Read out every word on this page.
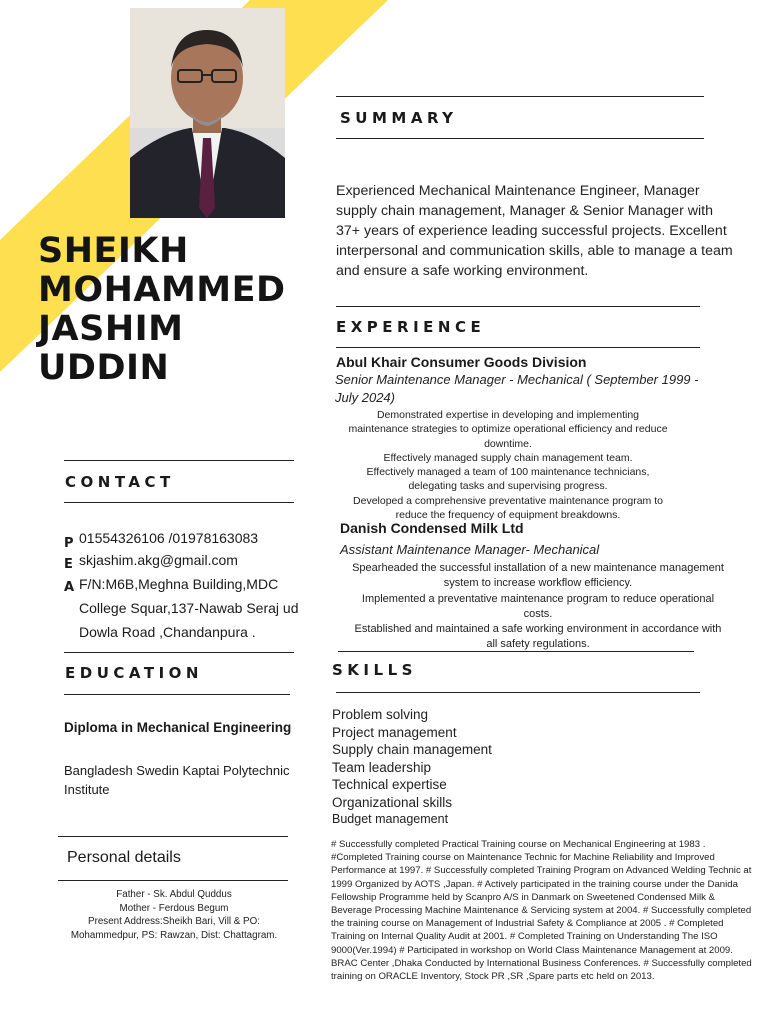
SHEIKH
MOHAMMED
JASHIM
UDDIN
SUMMARY
Experienced Mechanical Maintenance Engineer, Manager supply chain management, Manager & Senior Manager with 37+ years of experience leading successful projects. Excellent interpersonal and communication skills, able to manage a team and ensure a safe working environment.
EXPERIENCE
Abul Khair Consumer Goods Division
Senior Maintenance Manager - Mechanical ( September 1999 -
July 2024)
Demonstrated expertise in developing and implementing
maintenance strategies to optimize operational efficiency and reduce
downtime.
Effectively managed supply chain management team.
Effectively managed a team of 100 maintenance technicians,
delegating tasks and supervising progress.
Developed a comprehensive preventative maintenance program to
reduce the frequency of equipment breakdowns.
Danish Condensed Milk Ltd
Assistant Maintenance Manager- Mechanical
Spearheaded the successful installation of a new maintenance management
system to increase workflow efficiency.
Implemented a preventative maintenance program to reduce operational
costs.
Established and maintained a safe working environment in accordance with
all safety regulations.
SKILLS
Problem solving
Project management
Supply chain management
Team leadership
Technical expertise
Organizational skills
Budget management
# Successfully completed Practical Training course on Mechanical Engineering at 1983 . #Completed Training course on Maintenance Technic for Machine Reliability and Improved Performance at 1997. # Successfully completed Training Program on Advanced Welding Technic at 1999 Organized by AOTS ,Japan. # Actively participated in the training course under the Danida Fellowship Programme held by Scanpro A/S in Danmark on Sweetened Condensed Milk & Beverage Processing Machine Maintenance & Servicing system at 2004. # Successfully completed the training course on Management of Industrial Safety & Compliance at 2005 . # Completed Training on Internal Quality Audit at 2001. # Completed Training on Understanding The ISO 9000(Ver.1994) # Participated in workshop on World Class Maintenance Management at 2009. BRAC Center ,Dhaka Conducted by International Business Conferences. # Successfully completed training on ORACLE Inventory, Stock PR ,SR ,Spare parts etc held on 2013.
CONTACT
P 01554326106 /01978163083
E skjashim.akg@gmail.com
A F/N:M6B,Meghna Building,MDC
College Squar,137-Nawab Seraj ud
Dowla Road ,Chandanpura .
EDUCATION
Diploma in Mechanical Engineering
Bangladesh Swedin Kaptai Polytechnic Institute
Personal details
Father - Sk. Abdul Quddus
Mother - Ferdous Begum
Present Address:Sheikh Bari, Vill & PO:
Mohammedpur, PS: Rawzan, Dist: Chattagram.
